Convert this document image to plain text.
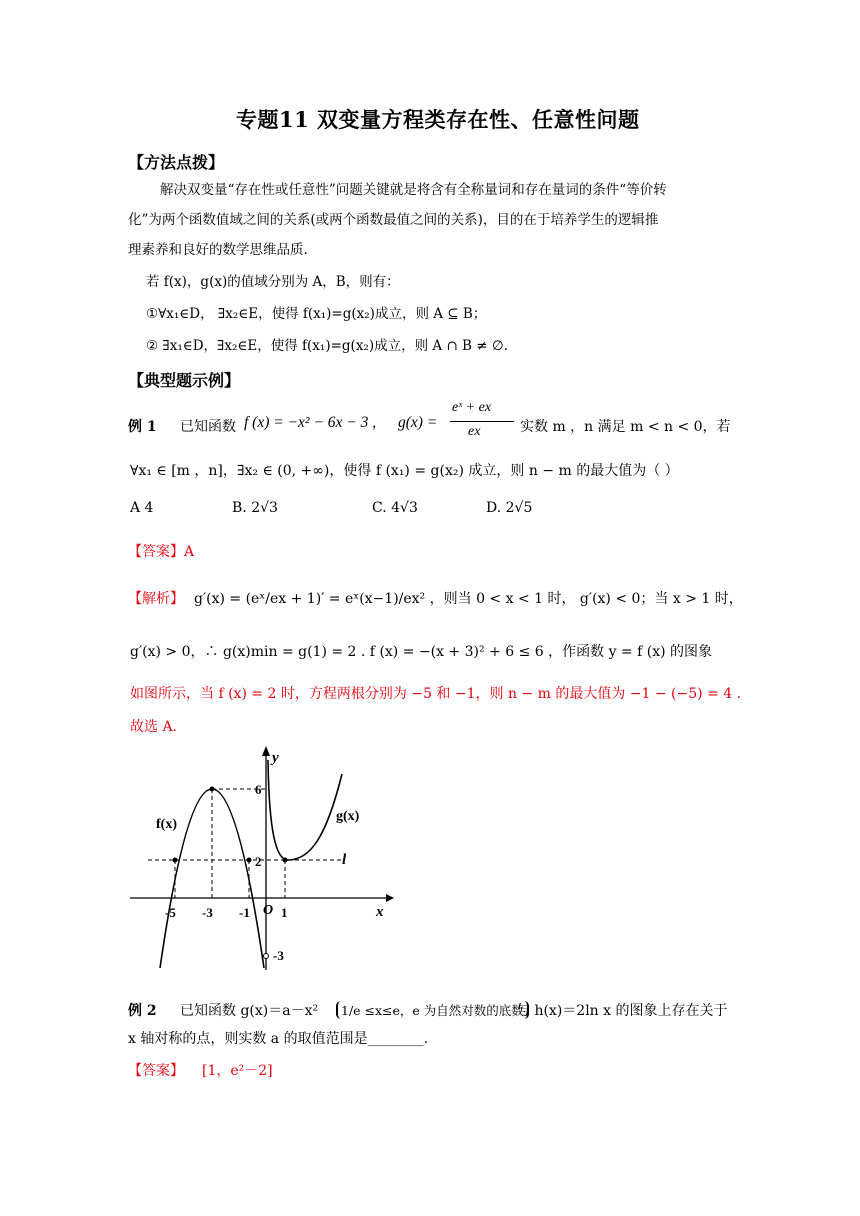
专题11 双变量方程类存在性、任意性问题
【方法点拨】
解决双变量“存在性或任意性”问题关键就是将含有全称量词和存在量词的条件“等价转
化”为两个函数值域之间的关系(或两个函数最值之间的关系)，目的在于培养学生的逻辑推
理素养和良好的数学思维品质.
若 f(x)，g(x)的值域分别为 A，B，则有：
①∀x₁∈D， ∃x₂∈E，使得 f(x₁)=g(x₂)成立，则 A ⊆ B；
② ∃x₁∈D，∃x₂∈E，使得 f(x₁)=g(x₂)成立，则 A ∩ B ≠ ∅.
【典型题示例】
例 1 已知函数 f (x) = −x² − 6x − 3 , g(x) =
eˣ + ex
ex	实数 m ，n 满足 m < n < 0，若
∀x₁ ∈ [m ，n]，∃x₂ ∈ (0, +∞)，使得 f (x₁) = g(x₂) 成立，则 n − m 的最大值为（ ）
A 4	B. 2√3	C. 4√3	D. 2√5
【答案】A
【解析】 g′(x) = (eˣ/ex + 1)′ = eˣ(x−1)/ex² ，则当 0 < x < 1 时， g′(x) < 0；当 x > 1 时，
g′(x) > 0，∴ g(x)min = g(1) = 2 . f (x) = −(x + 3)² + 6 ≤ 6 ，作函数 y = f (x) 的图象
如图所示，当 f (x) = 2 时，方程两根分别为 −5 和 −1，则 n − m 的最大值为 −1 − (−5) = 4 .
故选 A.
y
x
O
f(x)
g(x)
l
-5 -3 -1 1
6
2
-3
例 2 已知函数 g(x)＝a－x²	1/e ≤x≤e，e 为自然对数的底数
与 h(x)＝2ln x 的图象上存在关于
x 轴对称的点，则实数 a 的取值范围是________.
【答案】 [1，e²－2]
